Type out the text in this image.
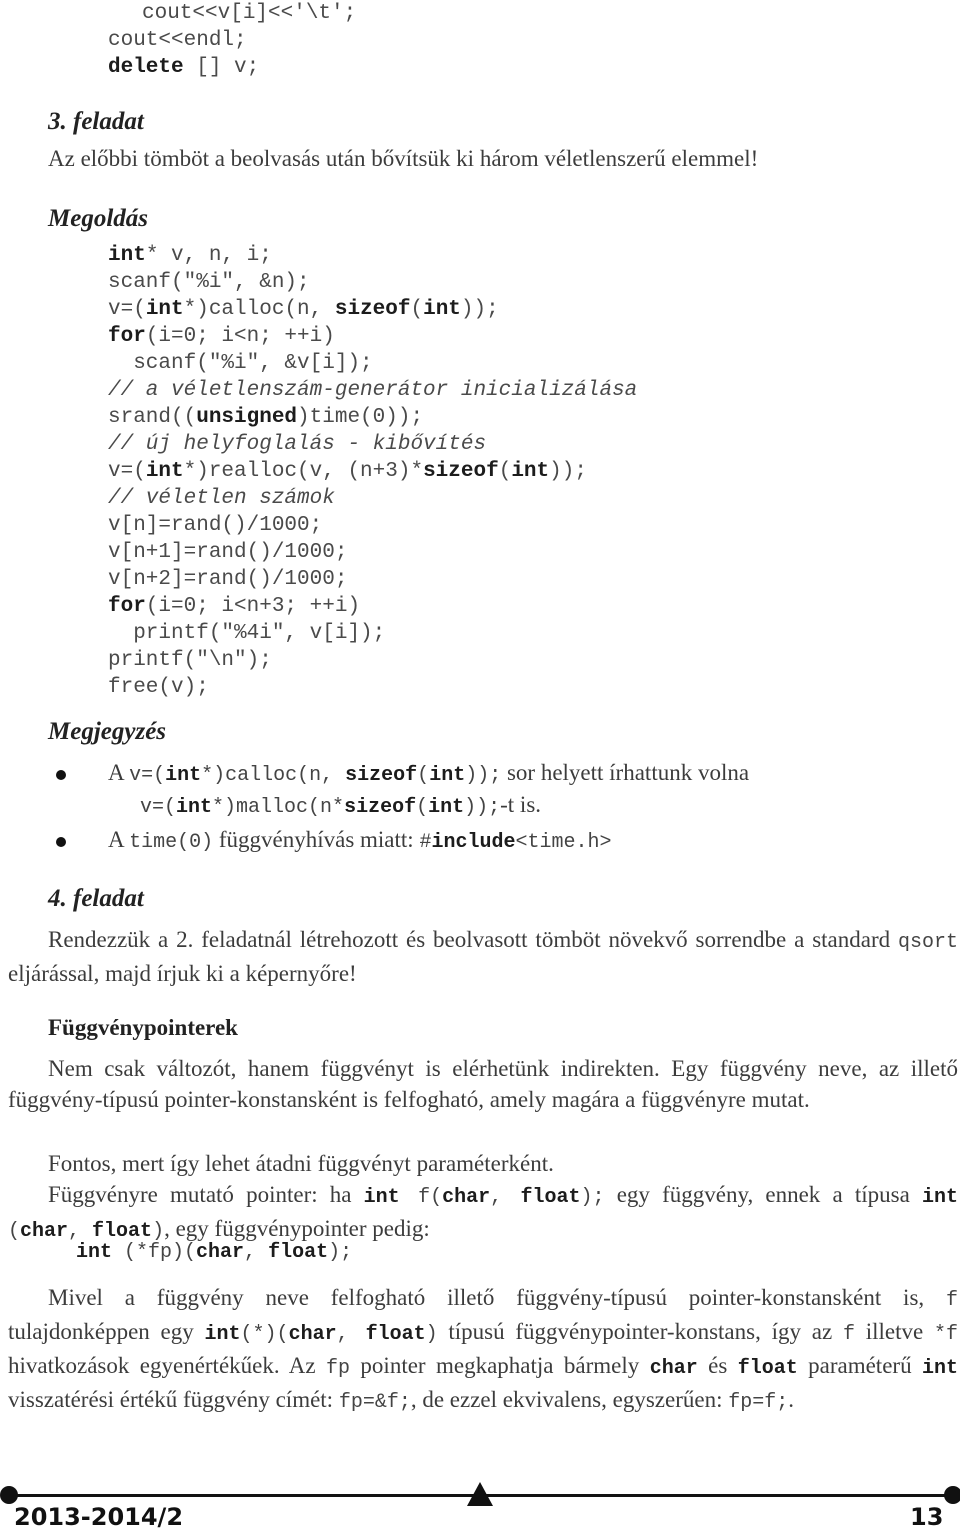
cout<<v[i]<<'\t';
cout<<endl;
delete [] v;
3. feladat
Az előbbi tömböt a beolvasás után bővítsük ki három véletlenszerű elemmel!
Megoldás
int* v, n, i;
scanf("%i", &n);
v=(int*)calloc(n, sizeof(int));
for(i=0; i<n; ++i)
scanf("%i", &v[i]);
// a véletlenszám-generátor inicializálása
srand((unsigned)time(0));
// új helyfoglalás - kibővítés
v=(int*)realloc(v, (n+3)*sizeof(int));
// véletlen számok
v[n]=rand()/1000;
v[n+1]=rand()/1000;
v[n+2]=rand()/1000;
for(i=0; i<n+3; ++i)
printf("%4i", v[i]);
printf("\n");
free(v);
Megjegyzés
A v=(int*)calloc(n, sizeof(int)); sor helyett írhattunk volna
v=(int*)malloc(n*sizeof(int));-t is.
A time(0) függvényhívás miatt: #include<time.h>
4. feladat
Rendezzük a 2. feladatnál létrehozott és beolvasott tömböt növekvő sorrendbe a standard qsort eljárással, majd írjuk ki a képernyőre!
Függvénypointerek
Nem csak változót, hanem függvényt is elérhetünk indirekten. Egy függvény neve, az illető függvény-típusú pointer-konstansként is felfogható, amely magára a függvényre mutat.
Fontos, mert így lehet átadni függvényt paraméterként.
Függvényre mutató pointer: ha int f(char, float); egy függvény, ennek a típusa int (char, float), egy függvénypointer pedig:
int (*fp)(char, float);
Mivel a függvény neve felfogható illető függvény-típusú pointer-konstansként is, f tulajdonképpen egy int(*)(char, float) típusú függvénypointer-konstans, így az f illetve *f hivatkozások egyenértékűek. Az fp pointer megkaphatja bármely char és float paraméterű int visszatérési értékű függvény címét: fp=&f;, de ezzel ekvivalens, egyszerűen: fp=f;.
2013-2014/2	13
